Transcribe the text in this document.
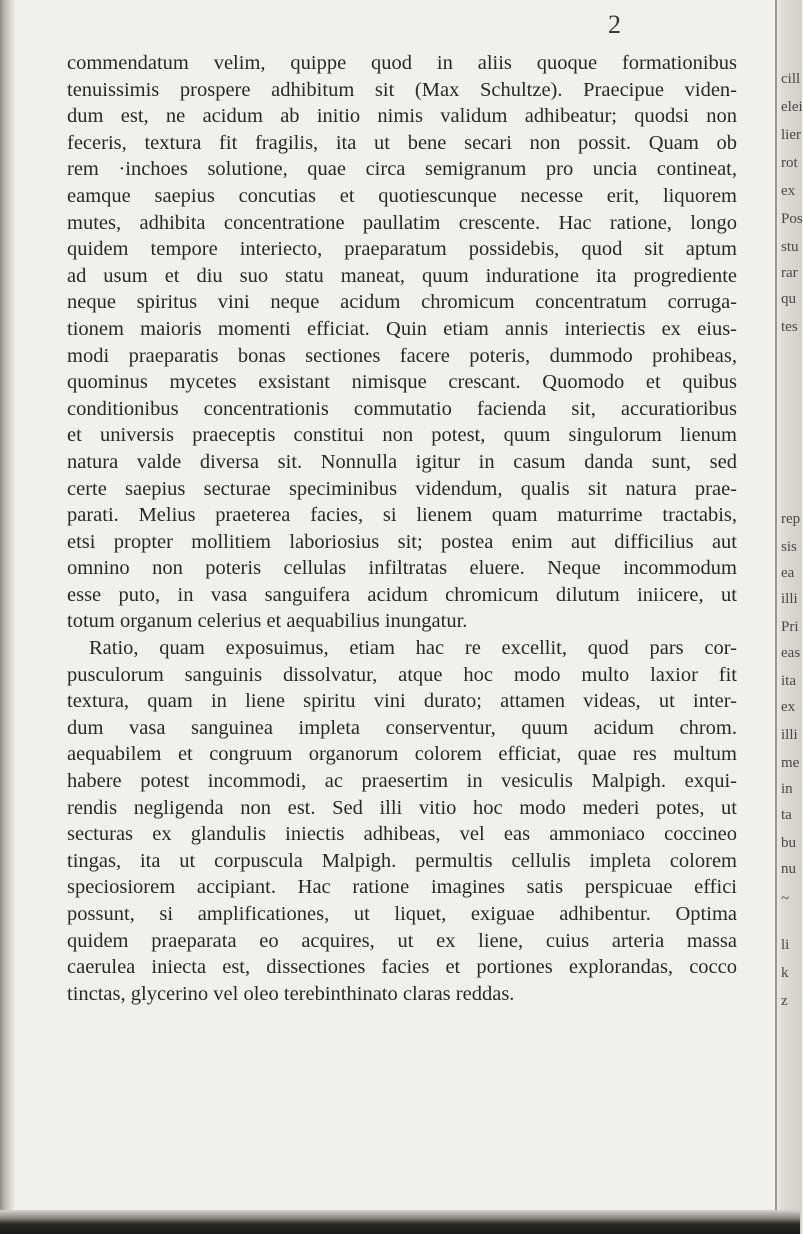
2

commendatum velim, quippe quod in aliis quoque formationibus
tenuissimis prospere adhibitum sit (Max Schultze). Praecipue viden-
dum est, ne acidum ab initio nimis validum adhibeatur; quodsi non
feceris, textura fit fragilis, ita ut bene secari non possit. Quam ob
rem ·inchoes solutione, quae circa semigranum pro uncia contineat,
eamque saepius concutias et quotiescunque necesse erit, liquorem
mutes, adhibita concentratione paullatim crescente. Hac ratione, longo
quidem tempore interiecto, praeparatum possidebis, quod sit aptum
ad usum et diu suo statu maneat, quum induratione ita progrediente
neque spiritus vini neque acidum chromicum concentratum corruga-
tionem maioris momenti efficiat. Quin etiam annis interiectis ex eius-
modi praeparatis bonas sectiones facere poteris, dummodo prohibeas,
quominus mycetes exsistant nimisque crescant. Quomodo et quibus
conditionibus concentrationis commutatio facienda sit, accuratioribus
et universis praeceptis constitui non potest, quum singulorum lienum
natura valde diversa sit. Nonnulla igitur in casum danda sunt, sed
certe saepius secturae speciminibus videndum, qualis sit natura prae-
parati. Melius praeterea facies, si lienem quam maturrime tractabis,
etsi propter mollitiem laboriosius sit; postea enim aut difficilius aut
omnino non poteris cellulas infiltratas eluere. Neque incommodum
esse puto, in vasa sanguifera acidum chromicum dilutum iniicere, ut
totum organum celerius et aequabilius inungatur.

Ratio, quam exposuimus, etiam hac re excellit, quod pars cor-
pusculorum sanguinis dissolvatur, atque hoc modo multo laxior fit
textura, quam in liene spiritu vini durato; attamen videas, ut inter-
dum vasa sanguinea impleta conserventur, quum acidum chrom.
aequabilem et congruum organorum colorem efficiat, quae res multum
habere potest incommodi, ac praesertim in vesiculis Malpigh. exqui-
rendis negligenda non est. Sed illi vitio hoc modo mederi potes, ut
secturas ex glandulis iniectis adhibeas, vel eas ammoniaco coccineo
tingas, ita ut corpuscula Malpigh. permultis cellulis impleta colorem
speciosiorem accipiant. Hac ratione imagines satis perspicuae effici
possunt, si amplificationes, ut liquet, exiguae adhibentur. Optima
quidem praeparata eo acquires, ut ex liene, cuius arteria massa
caerulea iniecta est, dissectiones facies et portiones explorandas, cocco
tinctas, glycerino vel oleo terebinthinato claras reddas.

cill
elei
lier
rot
ex
Pos
stu
rar
qu
tes
rep
sis
ea
illi
Pri
eas
ita
ex
illi
me
in
ta
bu
nu
~
li
k
z
